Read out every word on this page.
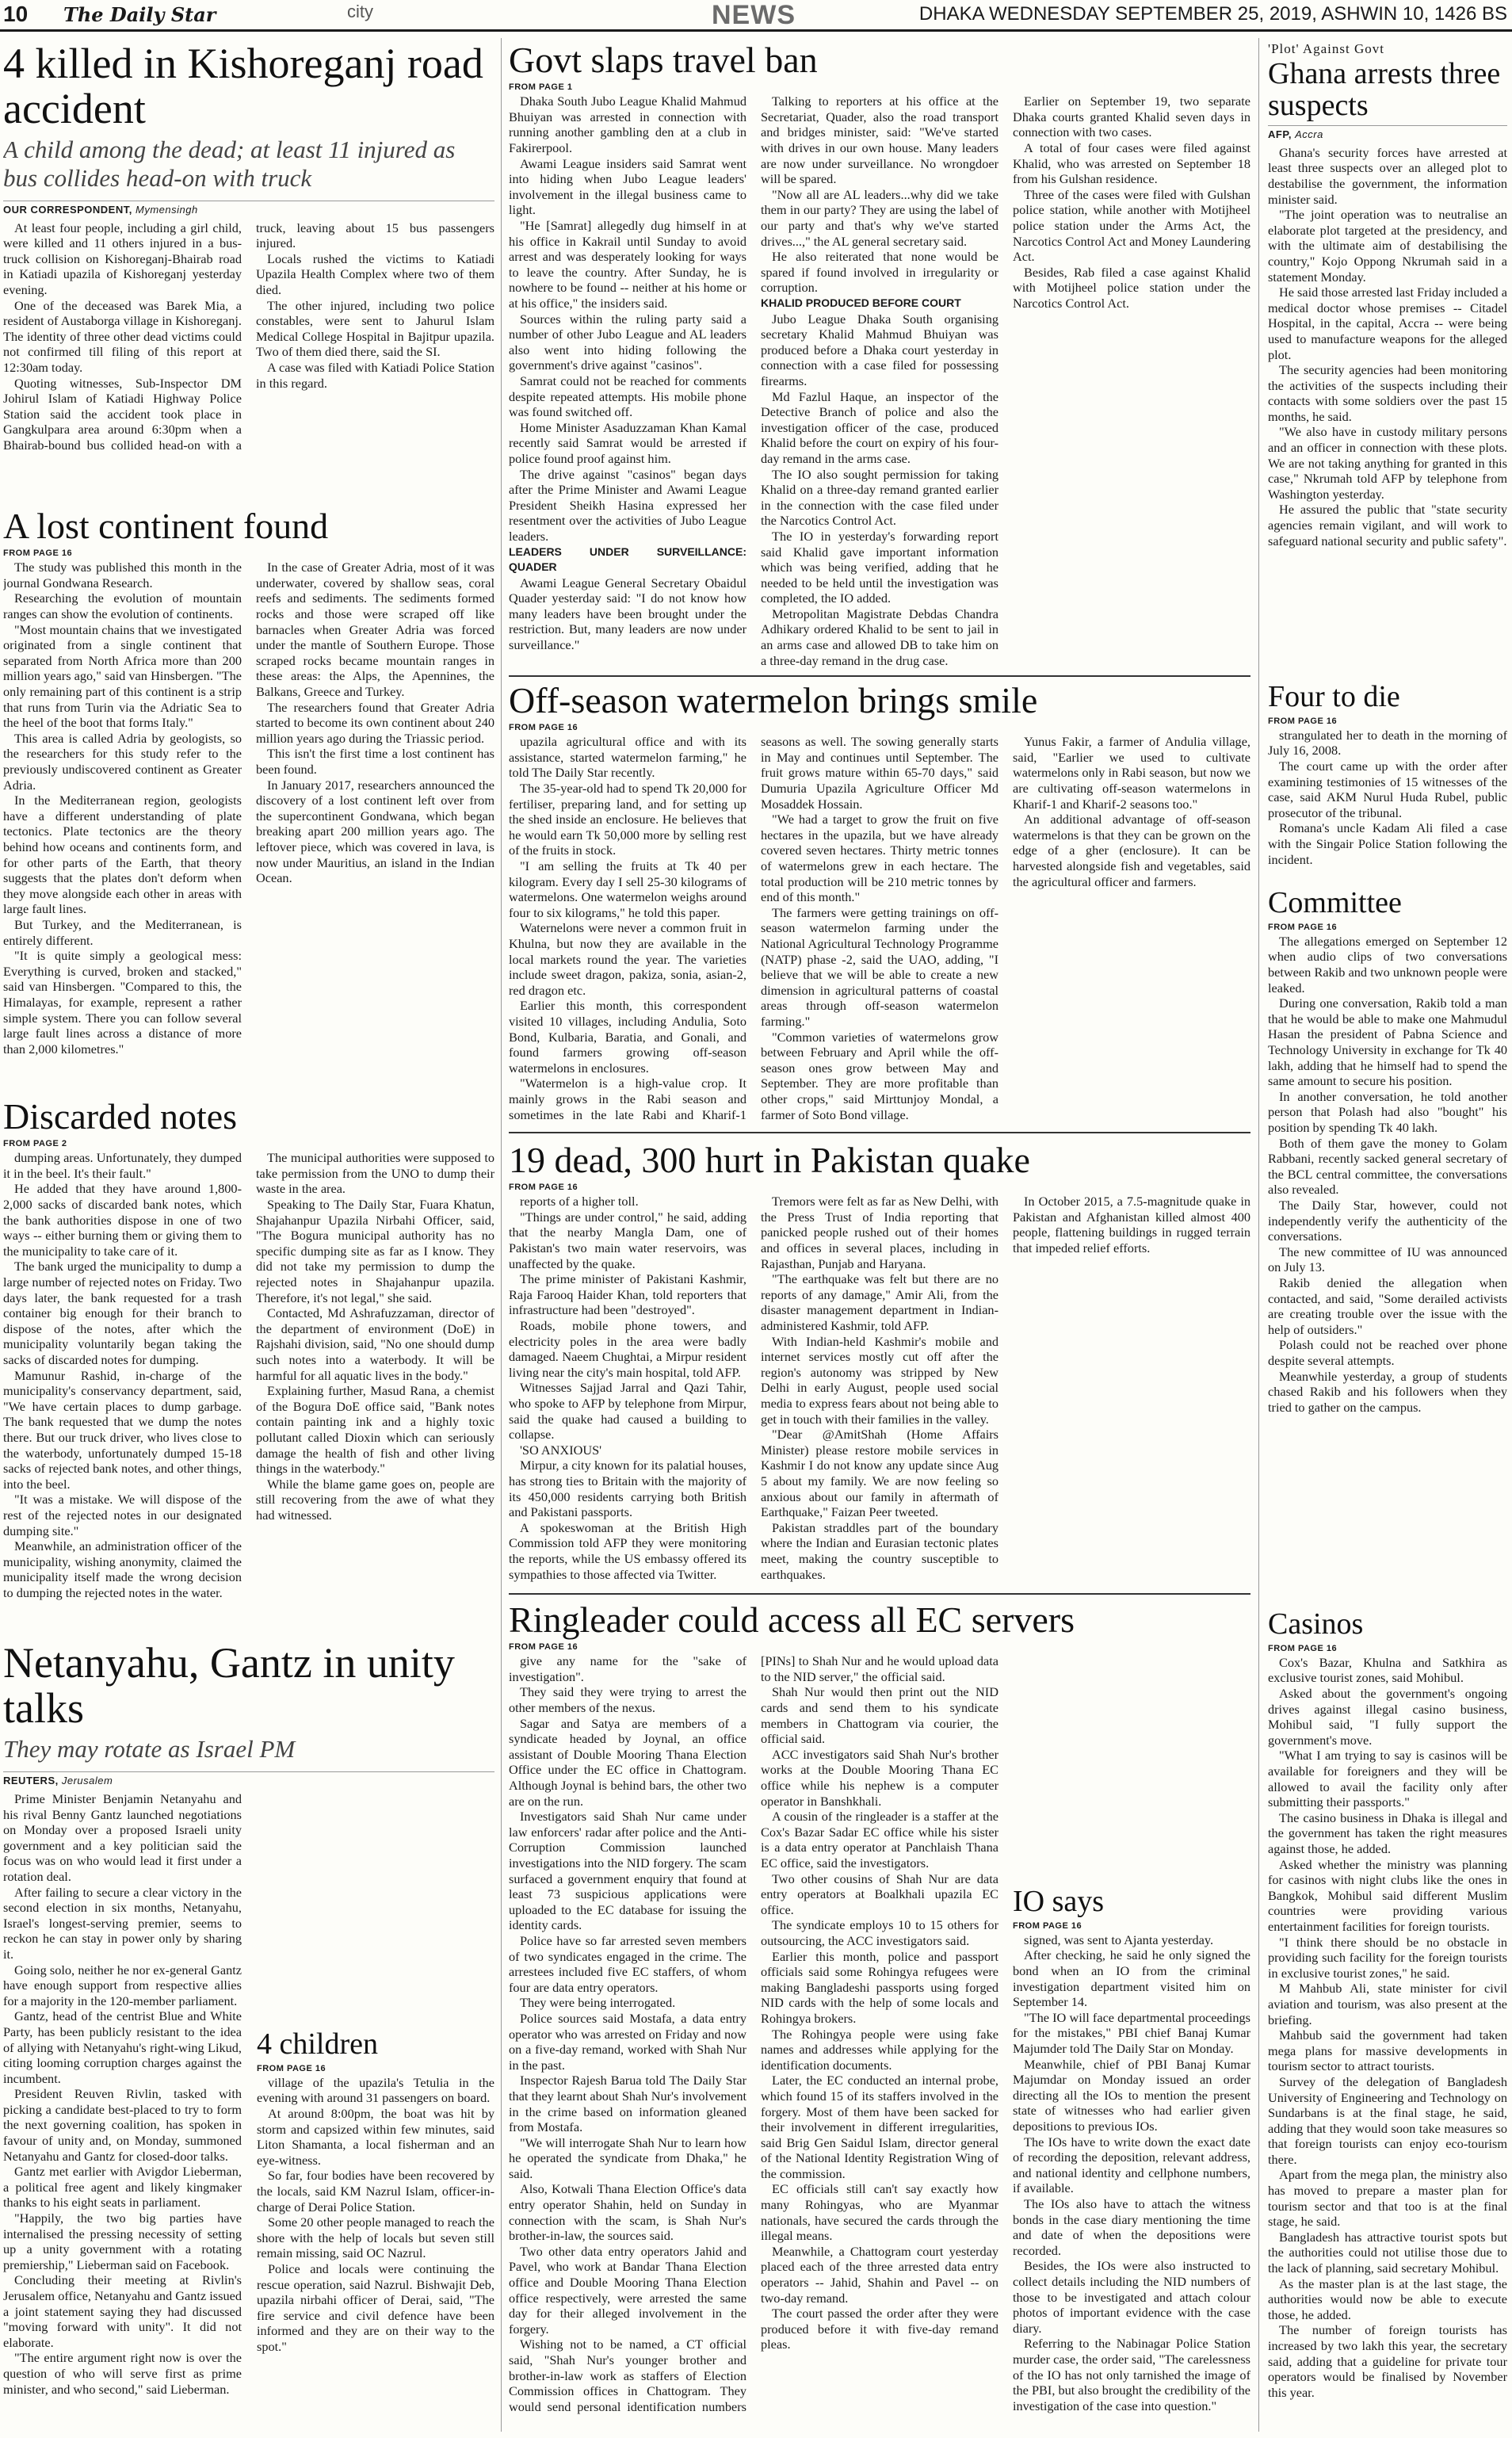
10 The Daily Star	city	NEWS	DHAKA WEDNESDAY SEPTEMBER 25, 2019, ASHWIN 10, 1426 BS
4 killed in Kishoreganj road accident
A child among the dead; at least 11 injured as bus collides head-on with truck
OUR CORRESPONDENT, Mymensingh

At least four people, including a girl child, were killed and 11 others injured in a bus-truck collision on Kishoreganj-Bhairab road in Katiadi upazila of Kishoreganj yesterday evening.

One of the deceased was Barek Mia, a resident of Austaborga village in Kishoreganj. The identity of three other dead victims could not confirmed till filing of this report at 12:30am today.

Quoting witnesses, Sub-Inspector DM Johirul Islam of Katiadi Highway Police Station said the accident took place in Gangkulpara area around 6:30pm when a Bhairab-bound bus collided head-on with a truck, leaving about 15 bus passengers injured.

Locals rushed the victims to Katiadi Upazila Health Complex where two of them died.

The other injured, including two police constables, were sent to Jahurul Islam Medical College Hospital in Bajitpur upazila. Two of them died there, said the SI.

A case was filed with Katiadi Police Station in this regard.

A lost continent found
FROM PAGE 16

The study was published this month in the journal Gondwana Research.

Researching the evolution of mountain ranges can show the evolution of continents.

"Most mountain chains that we investigated originated from a single continent that separated from North Africa more than 200 million years ago," said van Hinsbergen. "The only remaining part of this continent is a strip that runs from Turin via the Adriatic Sea to the heel of the boot that forms Italy."

This area is called Adria by geologists, so the researchers for this study refer to the previously undiscovered continent as Greater Adria.

In the Mediterranean region, geologists have a different understanding of plate tectonics. Plate tectonics are the theory behind how oceans and continents form, and for other parts of the Earth, that theory suggests that the plates don't deform when they move alongside each other in areas with large fault lines.

But Turkey, and the Mediterranean, is entirely different.

"It is quite simply a geological mess: Everything is curved, broken and stacked," said van Hinsbergen. "Compared to this, the Himalayas, for example, represent a rather simple system. There you can follow several large fault lines across a distance of more than 2,000 kilometres."

In the case of Greater Adria, most of it was underwater, covered by shallow seas, coral reefs and sediments. The sediments formed rocks and those were scraped off like barnacles when Greater Adria was forced under the mantle of Southern Europe. Those scraped rocks became mountain ranges in these areas: the Alps, the Apennines, the Balkans, Greece and Turkey.

The researchers found that Greater Adria started to become its own continent about 240 million years ago during the Triassic period.

This isn't the first time a lost continent has been found.

In January 2017, researchers announced the discovery of a lost continent left over from the supercontinent Gondwana, which began breaking apart 200 million years ago. The leftover piece, which was covered in lava, is now under Mauritius, an island in the Indian Ocean.

Discarded notes
FROM PAGE 2

dumping areas. Unfortunately, they dumped it in the beel. It's their fault."

He added that they have around 1,800-2,000 sacks of discarded bank notes, which the bank authorities dispose in one of two ways -- either burning them or giving them to the municipality to take care of it.

The bank urged the municipality to dump a large number of rejected notes on Friday. Two days later, the bank requested for a trash container big enough for their branch to dispose of the notes, after which the municipality voluntarily began taking the sacks of discarded notes for dumping.

Mamunur Rashid, in-charge of the municipality's conservancy department, said, "We have certain places to dump garbage. The bank requested that we dump the notes there. But our truck driver, who lives close to the waterbody, unfortunately dumped 15-18 sacks of rejected bank notes, and other things, into the beel.

"It was a mistake. We will dispose of the rest of the rejected notes in our designated dumping site."

Meanwhile, an administration officer of the municipality, wishing anonymity, claimed the municipality itself made the wrong decision to dumping the rejected notes in the water.

The municipal authorities were supposed to take permission from the UNO to dump their waste in the area.

Speaking to The Daily Star, Fuara Khatun, Shajahanpur Upazila Nirbahi Officer, said, "The Bogura municipal authority has no specific dumping site as far as I know. They did not take my permission to dump the rejected notes in Shajahanpur upazila. Therefore, it's not legal," she said.

Contacted, Md Ashrafuzzaman, director of the department of environment (DoE) in Rajshahi division, said, "No one should dump such notes into a waterbody. It will be harmful for all aquatic lives in the body."

Explaining further, Masud Rana, a chemist of the Bogura DoE office said, "Bank notes contain painting ink and a highly toxic pollutant called Dioxin which can seriously damage the health of fish and other living things in the waterbody."

While the blame game goes on, people are still recovering from the awe of what they had witnessed.

Netanyahu, Gantz in unity talks
They may rotate as Israel PM
REUTERS, Jerusalem

Prime Minister Benjamin Netanyahu and his rival Benny Gantz launched negotiations on Monday over a proposed Israeli unity government and a key politician said the focus was on who would lead it first under a rotation deal.

After failing to secure a clear victory in the second election in six months, Netanyahu, Israel's longest-serving premier, seems to reckon he can stay in power only by sharing it.

Going solo, neither he nor ex-general Gantz have enough support from respective allies for a majority in the 120-member parliament.

Gantz, head of the centrist Blue and White Party, has been publicly resistant to the idea of allying with Netanyahu's right-wing Likud, citing looming corruption charges against the incumbent.

President Reuven Rivlin, tasked with picking a candidate best-placed to try to form the next governing coalition, has spoken in favour of unity and, on Monday, summoned Netanyahu and Gantz for closed-door talks.

Gantz met earlier with Avigdor Lieberman, a political free agent and likely kingmaker thanks to his eight seats in parliament.

"Happily, the two big parties have internalised the pressing necessity of setting up a unity government with a rotating premiership," Lieberman said on Facebook.

Concluding their meeting at Rivlin's Jerusalem office, Netanyahu and Gantz issued a joint statement saying they had discussed "moving forward with unity". It did not elaborate.

"The entire argument right now is over the question of who will serve first as prime minister, and who second," said Lieberman.

4 children
FROM PAGE 16

village of the upazila's Tetulia in the evening with around 31 passengers on board.

At around 8:00pm, the boat was hit by storm and capsized within few minutes, said Liton Shamanta, a local fisherman and an eye-witness.

So far, four bodies have been recovered by the locals, said KM Nazrul Islam, officer-in-charge of Derai Police Station.

Some 20 other people managed to reach the shore with the help of locals but seven still remain missing, said OC Nazrul.

Police and locals were continuing the rescue operation, said Nazrul. Bishwajit Deb, upazila nirbahi officer of Derai, said, "The fire service and civil defence have been informed and they are on their way to the spot."

Govt slaps travel ban
FROM PAGE 1

Dhaka South Jubo League Khalid Mahmud Bhuiyan was arrested in connection with running another gambling den at a club in Fakirerpool.

Awami League insiders said Samrat went into hiding when Jubo League leaders' involvement in the illegal business came to light.

"He [Samrat] allegedly dug himself in at his office in Kakrail until Sunday to avoid arrest and was desperately looking for ways to leave the country. After Sunday, he is nowhere to be found -- neither at his home or at his office," the insiders said.

Sources within the ruling party said a number of other Jubo League and AL leaders also went into hiding following the government's drive against "casinos".

Samrat could not be reached for comments despite repeated attempts. His mobile phone was found switched off.

Home Minister Asaduzzaman Khan Kamal recently said Samrat would be arrested if police found proof against him.

The drive against "casinos" began days after the Prime Minister and Awami League President Sheikh Hasina expressed her resentment over the activities of Jubo League leaders.

LEADERS UNDER SURVEILLANCE: QUADER

Awami League General Secretary Obaidul Quader yesterday said: "I do not know how many leaders have been brought under the restriction. But, many leaders are now under surveillance."

Talking to reporters at his office at the Secretariat, Quader, also the road transport and bridges minister, said: "We've started with drives in our own house. Many leaders are now under surveillance. No wrongdoer will be spared.

"Now all are AL leaders...why did we take them in our party? They are using the label of our party and that's why we've started drives...," the AL general secretary said.

He also reiterated that none would be spared if found involved in irregularity or corruption.

KHALID PRODUCED BEFORE COURT

Jubo League Dhaka South organising secretary Khalid Mahmud Bhuiyan was produced before a Dhaka court yesterday in connection with a case filed for possessing firearms.

Md Fazlul Haque, an inspector of the Detective Branch of police and also the investigation officer of the case, produced Khalid before the court on expiry of his four-day remand in the arms case.

The IO also sought permission for taking Khalid on a three-day remand granted earlier in the connection with the case filed under the Narcotics Control Act.

The IO in yesterday's forwarding report said Khalid gave important information which was being verified, adding that he needed to be held until the investigation was completed, the IO added.

Metropolitan Magistrate Debdas Chandra Adhikary ordered Khalid to be sent to jail in an arms case and allowed DB to take him on a three-day remand in the drug case.

Earlier on September 19, two separate Dhaka courts granted Khalid seven days in connection with two cases.

A total of four cases were filed against Khalid, who was arrested on September 18 from his Gulshan residence.

Three of the cases were filed with Gulshan police station, while another with Motijheel police station under the Arms Act, the Narcotics Control Act and Money Laundering Act.

Besides, Rab filed a case against Khalid with Motijheel police station under the Narcotics Control Act.

Off-season watermelon brings smile
FROM PAGE 16

upazila agricultural office and with its assistance, started watermelon farming," he told The Daily Star recently.

The 35-year-old had to spend Tk 20,000 for fertiliser, preparing land, and for setting up the shed inside an enclosure. He believes that he would earn Tk 50,000 more by selling rest of the fruits in stock.

"I am selling the fruits at Tk 40 per kilogram. Every day I sell 25-30 kilograms of watermelons. One watermelon weighs around four to six kilograms," he told this paper.

Waternelons were never a common fruit in Khulna, but now they are available in the local markets round the year. The varieties include sweet dragon, pakiza, sonia, asian-2, red dragon etc.

Earlier this month, this correspondent visited 10 villages, including Andulia, Soto Bond, Kulbaria, Baratia, and Gonali, and found farmers growing off-season watermelons in enclosures.

"Watermelon is a high-value crop. It mainly grows in the Rabi season and sometimes in the late Rabi and Kharif-1 seasons as well. The sowing generally starts in May and continues until September. The fruit grows mature within 65-70 days," said Dumuria Upazila Agriculture Officer Md Mosaddek Hossain.

"We had a target to grow the fruit on five hectares in the upazila, but we have already covered seven hectares. Thirty metric tonnes of watermelons grew in each hectare. The total production will be 210 metric tonnes by end of this month."

The farmers were getting trainings on off-season watermelon farming under the National Agricultural Technology Programme (NATP) phase -2, said the UAO, adding, "I believe that we will be able to create a new dimension in agricultural patterns of coastal areas through off-season watermelon farming."

"Common varieties of watermelons grow between February and April while the off-season ones grow between May and September. They are more profitable than other crops," said Mirttunjoy Mondal, a farmer of Soto Bond village.

Yunus Fakir, a farmer of Andulia village, said, "Earlier we used to cultivate watermelons only in Rabi season, but now we are cultivating off-season watermelons in Kharif-1 and Kharif-2 seasons too."

An additional advantage of off-season watermelons is that they can be grown on the edge of a gher (enclosure). It can be harvested alongside fish and vegetables, said the agricultural officer and farmers.

19 dead, 300 hurt in Pakistan quake
FROM PAGE 16

reports of a higher toll.

"Things are under control," he said, adding that the nearby Mangla Dam, one of Pakistan's two main water reservoirs, was unaffected by the quake.

The prime minister of Pakistani Kashmir, Raja Farooq Haider Khan, told reporters that infrastructure had been "destroyed".

Roads, mobile phone towers, and electricity poles in the area were badly damaged. Naeem Chughtai, a Mirpur resident living near the city's main hospital, told AFP.

Witnesses Sajjad Jarral and Qazi Tahir, who spoke to AFP by telephone from Mirpur, said the quake had caused a building to collapse.

'SO ANXIOUS'

Mirpur, a city known for its palatial houses, has strong ties to Britain with the majority of its 450,000 residents carrying both British and Pakistani passports.

A spokeswoman at the British High Commission told AFP they were monitoring the reports, while the US embassy offered its sympathies to those affected via Twitter.

Tremors were felt as far as New Delhi, with the Press Trust of India reporting that panicked people rushed out of their homes and offices in several places, including in Rajasthan, Punjab and Haryana.

"The earthquake was felt but there are no reports of any damage," Amir Ali, from the disaster management department in Indian-administered Kashmir, told AFP.

With Indian-held Kashmir's mobile and internet services mostly cut off after the region's autonomy was stripped by New Delhi in early August, people used social media to express fears about not being able to get in touch with their families in the valley.

"Dear @AmitShah (Home Affairs Minister) please restore mobile services in Kashmir I do not know any update since Aug 5 about my family. We are now feeling so anxious about our family in aftermath of Earthquake," Faizan Peer tweeted.

Pakistan straddles part of the boundary where the Indian and Eurasian tectonic plates meet, making the country susceptible to earthquakes.

In October 2015, a 7.5-magnitude quake in Pakistan and Afghanistan killed almost 400 people, flattening buildings in rugged terrain that impeded relief efforts.

Ringleader could access all EC servers
FROM PAGE 16

give any name for the "sake of investigation".

They said they were trying to arrest the other members of the nexus.

Sagar and Satya are members of a syndicate headed by Joynal, an office assistant of Double Mooring Thana Election Office under the EC office in Chattogram. Although Joynal is behind bars, the other two are on the run.

Investigators said Shah Nur came under law enforcers' radar after police and the Anti-Corruption Commission launched investigations into the NID forgery. The scam surfaced a government enquiry that found at least 73 suspicious applications were uploaded to the EC database for issuing the identity cards.

Police have so far arrested seven members of two syndicates engaged in the crime. The arrestees included five EC staffers, of whom four are data entry operators.

They were being interrogated.

Police sources said Mostafa, a data entry operator who was arrested on Friday and now on a five-day remand, worked with Shah Nur in the past.

Inspector Rajesh Barua told The Daily Star that they learnt about Shah Nur's involvement in the crime based on information gleaned from Mostafa.

"We will interrogate Shah Nur to learn how he operated the syndicate from Dhaka," he said.

Also, Kotwali Thana Election Office's data entry operator Shahin, held on Sunday in connection with the scam, is Shah Nur's brother-in-law, the sources said.

Two other data entry operators Jahid and Pavel, who work at Bandar Thana Election office and Double Mooring Thana Election office respectively, were arrested the same day for their alleged involvement in the forgery.

Wishing not to be named, a CT official said, "Shah Nur's younger brother and brother-in-law work as staffers of Election Commission offices in Chattogram. They would send personal identification numbers [PINs] to Shah Nur and he would upload data to the NID server," the official said.

Shah Nur would then print out the NID cards and send them to his syndicate members in Chattogram via courier, the official said.

ACC investigators said Shah Nur's brother works at the Double Mooring Thana EC office while his nephew is a computer operator in Banshkhali.

A cousin of the ringleader is a staffer at the Cox's Bazar Sadar EC office while his sister is a data entry operator at Panchlaish Thana EC office, said the investigators.

Two other cousins of Shah Nur are data entry operators at Boalkhali upazila EC office.

The syndicate employs 10 to 15 others for outsourcing, the ACC investigators said.

Earlier this month, police and passport officials said some Rohingya refugees were making Bangladeshi passports using forged NID cards with the help of some locals and Rohingya brokers.

The Rohingya people were using fake names and addresses while applying for the identification documents.

Later, the EC conducted an internal probe, which found 15 of its staffers involved in the forgery. Most of them have been sacked for their involvement in different irregularities, said Brig Gen Saidul Islam, director general of the National Identity Registration Wing of the commission.

EC officials still can't say exactly how many Rohingyas, who are Myanmar nationals, have secured the cards through the illegal means.

Meanwhile, a Chattogram court yesterday placed each of the three arrested data entry operators -- Jahid, Shahin and Pavel -- on two-day remand.

The court passed the order after they were produced before it with five-day remand pleas.

IO says
FROM PAGE 16

signed, was sent to Ajanta yesterday.

After checking, he said he only signed the bond when an IO from the criminal investigation department visited him on September 14.

"The IO will face departmental proceedings for the mistakes," PBI chief Banaj Kumar Majumder told The Daily Star on Monday.

Meanwhile, chief of PBI Banaj Kumar Majumdar on Monday issued an order directing all the IOs to mention the present state of witnesses who had earlier given depositions to previous IOs.

The IOs have to write down the exact date of recording the deposition, relevant address, and national identity and cellphone numbers, if available.

The IOs also have to attach the witness bonds in the case diary mentioning the time and date of when the depositions were recorded.

Besides, the IOs were also instructed to collect details including the NID numbers of those to be investigated and attach colour photos of important evidence with the case diary.

Referring to the Nabinagar Police Station murder case, the order said, "The carelessness of the IO has not only tarnished the image of the PBI, but also brought the credibility of the investigation of the case into question."

'Plot' Against Govt
Ghana arrests three suspects
AFP, Accra

Ghana's security forces have arrested at least three suspects over an alleged plot to destabilise the government, the information minister said.

"The joint operation was to neutralise an elaborate plot targeted at the presidency, and with the ultimate aim of destabilising the country," Kojo Oppong Nkrumah said in a statement Monday.

He said those arrested last Friday included a medical doctor whose premises -- Citadel Hospital, in the capital, Accra -- were being used to manufacture weapons for the alleged plot.

The security agencies had been monitoring the activities of the suspects including their contacts with some soldiers over the past 15 months, he said.

"We also have in custody military persons and an officer in connection with these plots. We are not taking anything for granted in this case," Nkrumah told AFP by telephone from Washington yesterday.

He assured the public that "state security agencies remain vigilant, and will work to safeguard national security and public safety".

Four to die
FROM PAGE 16

strangulated her to death in the morning of July 16, 2008.

The court came up with the order after examining testimonies of 15 witnesses of the case, said AKM Nurul Huda Rubel, public prosecutor of the tribunal.

Romana's uncle Kadam Ali filed a case with the Singair Police Station following the incident.

Committee
FROM PAGE 16

The allegations emerged on September 12 when audio clips of two conversations between Rakib and two unknown people were leaked.

During one conversation, Rakib told a man that he would be able to make one Mahmudul Hasan the president of Pabna Science and Technology University in exchange for Tk 40 lakh, adding that he himself had to spend the same amount to secure his position.

In another conversation, he told another person that Polash had also "bought" his position by spending Tk 40 lakh.

Both of them gave the money to Golam Rabbani, recently sacked general secretary of the BCL central committee, the conversations also revealed.

The Daily Star, however, could not independently verify the authenticity of the conversations.

The new committee of IU was announced on July 13.

Rakib denied the allegation when contacted, and said, "Some derailed activists are creating trouble over the issue with the help of outsiders."

Polash could not be reached over phone despite several attempts.

Meanwhile yesterday, a group of students chased Rakib and his followers when they tried to gather on the campus.

Casinos
FROM PAGE 16

Cox's Bazar, Khulna and Satkhira as exclusive tourist zones, said Mohibul.

Asked about the government's ongoing drives against illegal casino business, Mohibul said, "I fully support the government's move.

"What I am trying to say is casinos will be available for foreigners and they will be allowed to avail the facility only after submitting their passports."

The casino business in Dhaka is illegal and the government has taken the right measures against those, he added.

Asked whether the ministry was planning for casinos with night clubs like the ones in Bangkok, Mohibul said different Muslim countries were providing various entertainment facilities for foreign tourists.

"I think there should be no obstacle in providing such facility for the foreign tourists in exclusive tourist zones," he said.

M Mahbub Ali, state minister for civil aviation and tourism, was also present at the briefing.

Mahbub said the government had taken mega plans for massive developments in tourism sector to attract tourists.

Survey of the delegation of Bangladesh University of Engineering and Technology on Sundarbans is at the final stage, he said, adding that they would soon take measures so that foreign tourists can enjoy eco-tourism there.

Apart from the mega plan, the ministry also has moved to prepare a master plan for tourism sector and that too is at the final stage, he said.

Bangladesh has attractive tourist spots but the authorities could not utilise those due to the lack of planning, said secretary Mohibul.

As the master plan is at the last stage, the authorities would now be able to execute those, he added.

The number of foreign tourists has increased by two lakh this year, the secretary said, adding that a guideline for private tour operators would be finalised by November this year.
